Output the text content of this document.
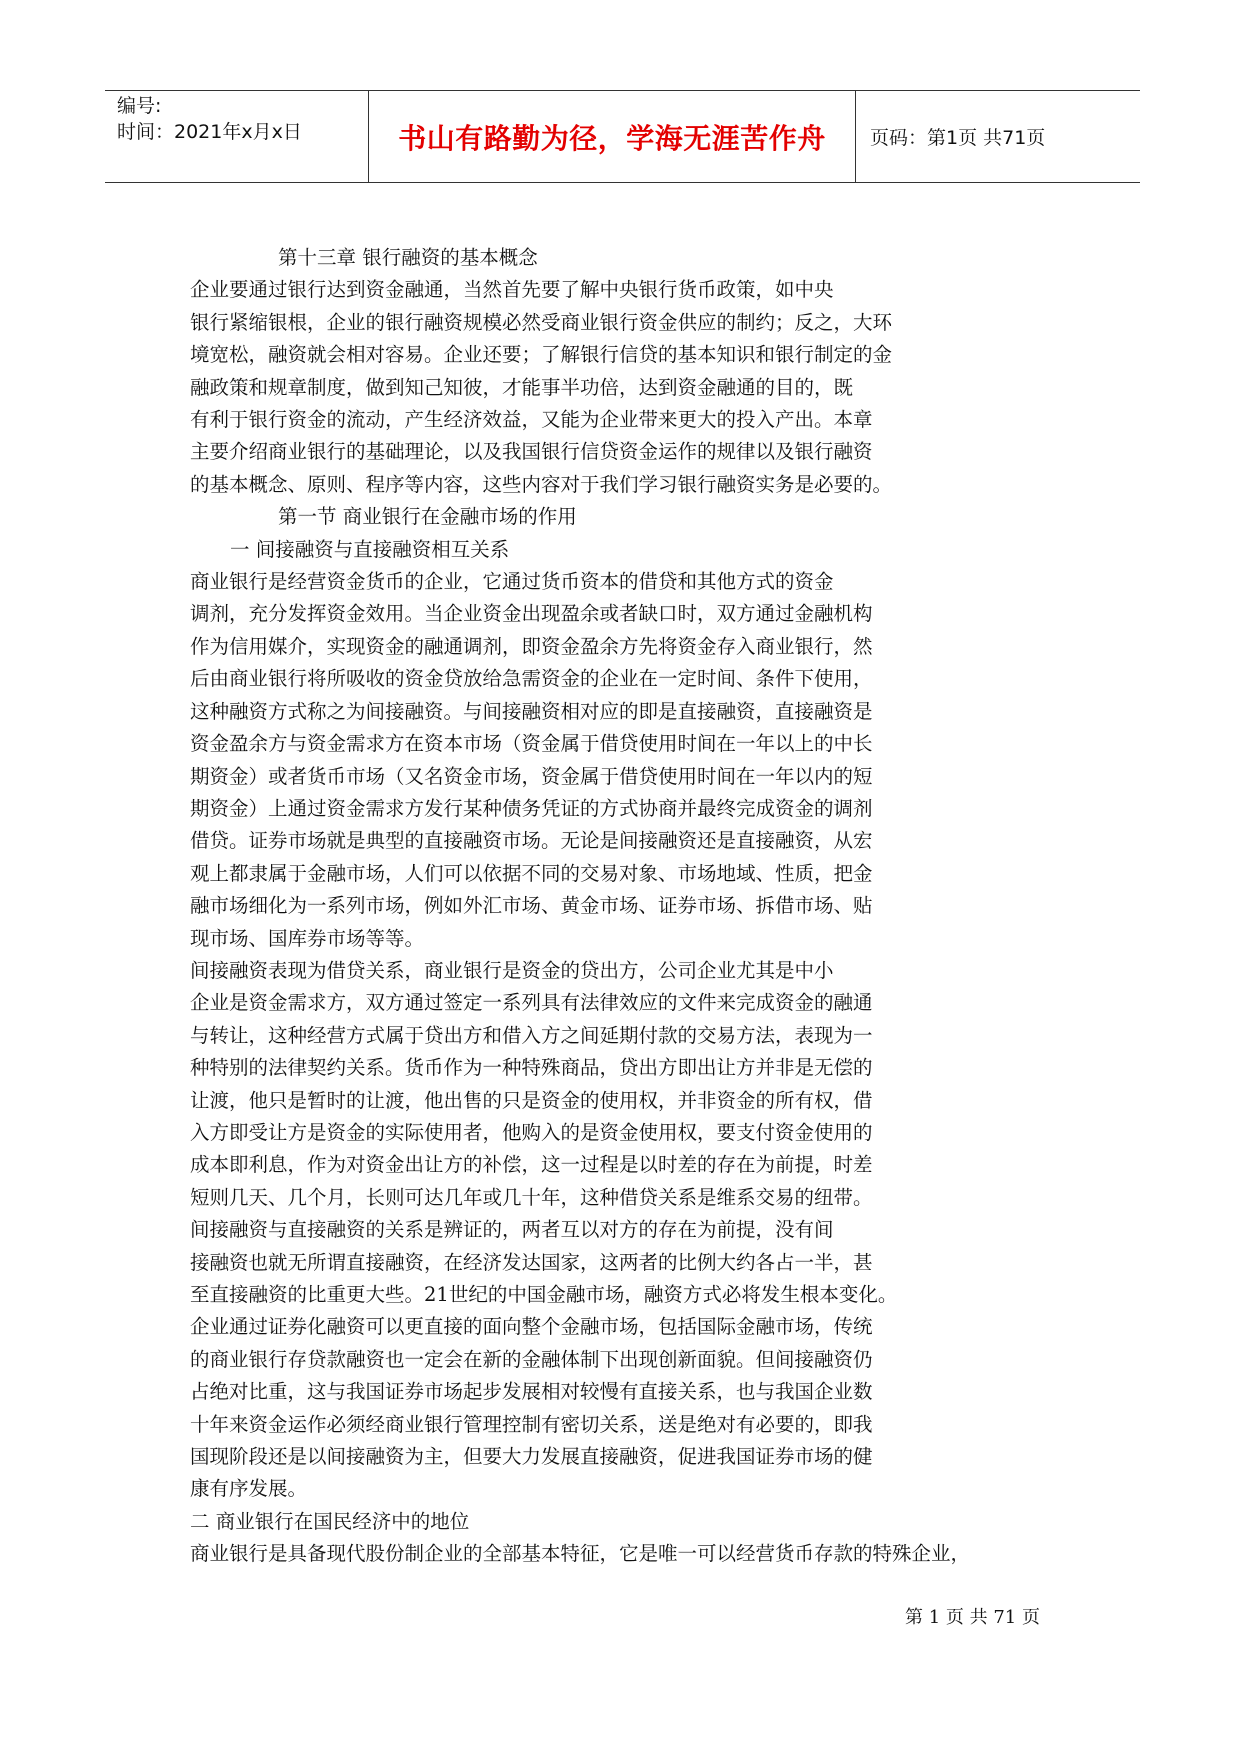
编号:
时间：2021年x月x日	书山有路勤为径，学海无涯苦作舟	页码：第1页 共71页

第十三章 银行融资的基本概念

企业要通过银行达到资金融通，当然首先要了解中央银行货币政策，如中央

银行紧缩银根，企业的银行融资规模必然受商业银行资金供应的制约；反之，大环

境宽松，融资就会相对容易。企业还要；了解银行信贷的基本知识和银行制定的金

融政策和规章制度，做到知己知彼，才能事半功倍，达到资金融通的目的，既

有利于银行资金的流动，产生经济效益，又能为企业带来更大的投入产出。本章

主要介绍商业银行的基础理论，以及我国银行信贷资金运作的规律以及银行融资

的基本概念、原则、程序等内容，这些内容对于我们学习银行融资实务是必要的。

第一节 商业银行在金融市场的作用

一 间接融资与直接融资相互关系

商业银行是经营资金货币的企业，它通过货币资本的借贷和其他方式的资金

调剂，充分发挥资金效用。当企业资金出现盈余或者缺口时，双方通过金融机构

作为信用媒介，实现资金的融通调剂，即资金盈余方先将资金存入商业银行，然

后由商业银行将所吸收的资金贷放给急需资金的企业在一定时间、条件下使用，

这种融资方式称之为间接融资。与间接融资相对应的即是直接融资，直接融资是

资金盈余方与资金需求方在资本市场（资金属于借贷使用时间在一年以上的中长

期资金）或者货币市场（又名资金市场，资金属于借贷使用时间在一年以内的短

期资金）上通过资金需求方发行某种债务凭证的方式协商并最终完成资金的调剂

借贷。证券市场就是典型的直接融资市场。无论是间接融资还是直接融资，从宏

观上都隶属于金融市场，人们可以依据不同的交易对象、市场地域、性质，把金

融市场细化为一系列市场，例如外汇市场、黄金市场、证券市场、拆借市场、贴

现市场、国库券市场等等。

间接融资表现为借贷关系，商业银行是资金的贷出方，公司企业尤其是中小

企业是资金需求方，双方通过签定一系列具有法律效应的文件来完成资金的融通

与转让，这种经营方式属于贷出方和借入方之间延期付款的交易方法，表现为一

种特别的法律契约关系。货币作为一种特殊商品，贷出方即出让方并非是无偿的

让渡，他只是暂时的让渡，他出售的只是资金的使用权，并非资金的所有权，借

入方即受让方是资金的实际使用者，他购入的是资金使用权，要支付资金使用的

成本即利息，作为对资金出让方的补偿，这一过程是以时差的存在为前提，时差

短则几天、几个月，长则可达几年或几十年，这种借贷关系是维系交易的纽带。

间接融资与直接融资的关系是辨证的，两者互以对方的存在为前提，没有间

接融资也就无所谓直接融资，在经济发达国家，这两者的比例大约各占一半，甚

至直接融资的比重更大些。21世纪的中国金融市场，融资方式必将发生根本变化。

企业通过证券化融资可以更直接的面向整个金融市场，包括国际金融市场，传统

的商业银行存贷款融资也一定会在新的金融体制下出现创新面貌。但间接融资仍

占绝对比重，这与我国证券市场起步发展相对较慢有直接关系，也与我国企业数

十年来资金运作必须经商业银行管理控制有密切关系，送是绝对有必要的，即我

国现阶段还是以间接融资为主，但要大力发展直接融资，促进我国证券市场的健

康有序发展。

二 商业银行在国民经济中的地位

商业银行是具备现代股份制企业的全部基本特征，它是唯一可以经营货币存款的特殊企业，

第 1 页 共 71 页
